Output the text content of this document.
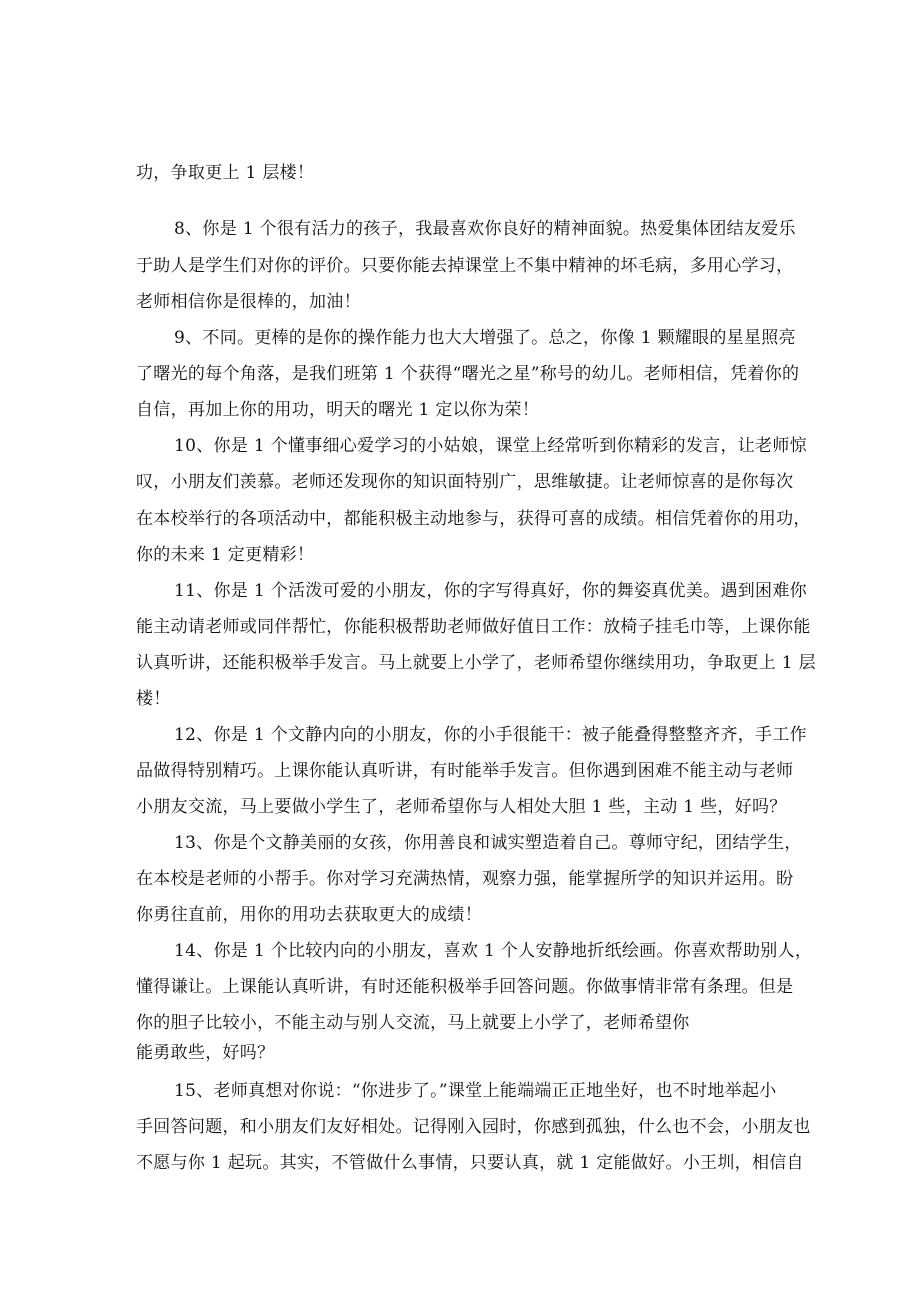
功，争取更上 1 层楼！

8、你是 1 个很有活力的孩子，我最喜欢你良好的精神面貌。热爱集体团结友爱乐

于助人是学生们对你的评价。只要你能去掉课堂上不集中精神的坏毛病，多用心学习，

老师相信你是很棒的，加油！

9、不同。更棒的是你的操作能力也大大增强了。总之，你像 1 颗耀眼的星星照亮

了曙光的每个角落，是我们班第 1 个获得“曙光之星”称号的幼儿。老师相信，凭着你的

自信，再加上你的用功，明天的曙光 1 定以你为荣！

10、你是 1 个懂事细心爱学习的小姑娘，课堂上经常听到你精彩的发言，让老师惊

叹，小朋友们羡慕。老师还发现你的知识面特别广，思维敏捷。让老师惊喜的是你每次

在本校举行的各项活动中，都能积极主动地参与，获得可喜的成绩。相信凭着你的用功，

你的未来 1 定更精彩！

11、你是 1 个活泼可爱的小朋友，你的字写得真好，你的舞姿真优美。遇到困难你

能主动请老师或同伴帮忙，你能积极帮助老师做好值日工作：放椅子挂毛巾等，上课你能

认真听讲，还能积极举手发言。马上就要上小学了，老师希望你继续用功，争取更上 1 层

楼！

12、你是 1 个文静内向的小朋友，你的小手很能干：被子能叠得整整齐齐，手工作

品做得特别精巧。上课你能认真听讲，有时能举手发言。但你遇到困难不能主动与老师

小朋友交流，马上要做小学生了，老师希望你与人相处大胆 1 些，主动 1 些，好吗？

13、你是个文静美丽的女孩，你用善良和诚实塑造着自己。尊师守纪，团结学生，

在本校是老师的小帮手。你对学习充满热情，观察力强，能掌握所学的知识并运用。盼

你勇往直前，用你的用功去获取更大的成绩！

14、你是 1 个比较内向的小朋友，喜欢 1 个人安静地折纸绘画。你喜欢帮助别人，

懂得谦让。上课能认真听讲，有时还能积极举手回答问题。你做事情非常有条理。但是

你的胆子比较小，不能主动与别人交流，马上就要上小学了，老师希望你

能勇敢些，好吗？

15、老师真想对你说：“你进步了。”课堂上能端端正正地坐好，也不时地举起小

手回答问题，和小朋友们友好相处。记得刚入园时，你感到孤独，什么也不会，小朋友也

不愿与你 1 起玩。其实，不管做什么事情，只要认真，就 1 定能做好。小王圳，相信自
